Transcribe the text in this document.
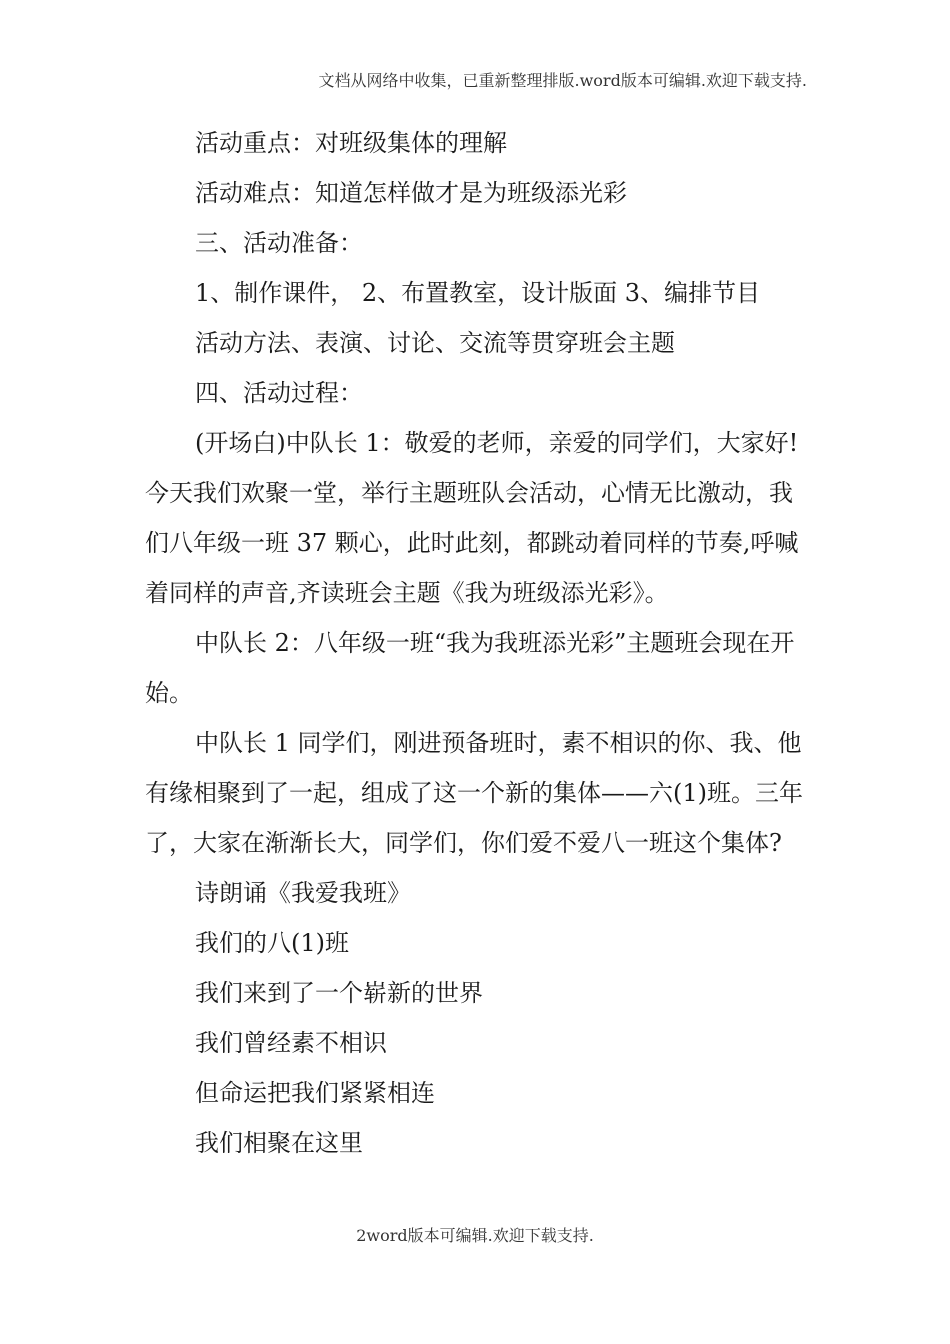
文档从网络中收集，已重新整理排版.word版本可编辑.欢迎下载支持.

活动重点：对班级集体的理解

活动难点：知道怎样做才是为班级添光彩

三、活动准备：

1、制作课件， 2、布置教室，设计版面 3、编排节目

活动方法、表演、讨论、交流等贯穿班会主题

四、活动过程：

(开场白)中队长 1：敬爱的老师，亲爱的同学们，大家好!今天我们欢聚一堂，举行主题班队会活动，心情无比激动，我们八年级一班 37 颗心，此时此刻，都跳动着同样的节奏,呼喊着同样的声音,齐读班会主题《我为班级添光彩》。

中队长 2：八年级一班“我为我班添光彩”主题班会现在开始。

中队长 1 同学们，刚进预备班时，素不相识的你、我、他有缘相聚到了一起，组成了这一个新的集体——六(1)班。三年了，大家在渐渐长大，同学们，你们爱不爱八一班这个集体?

诗朗诵《我爱我班》

我们的八(1)班

我们来到了一个崭新的世界

我们曾经素不相识

但命运把我们紧紧相连

我们相聚在这里

2word版本可编辑.欢迎下载支持.
